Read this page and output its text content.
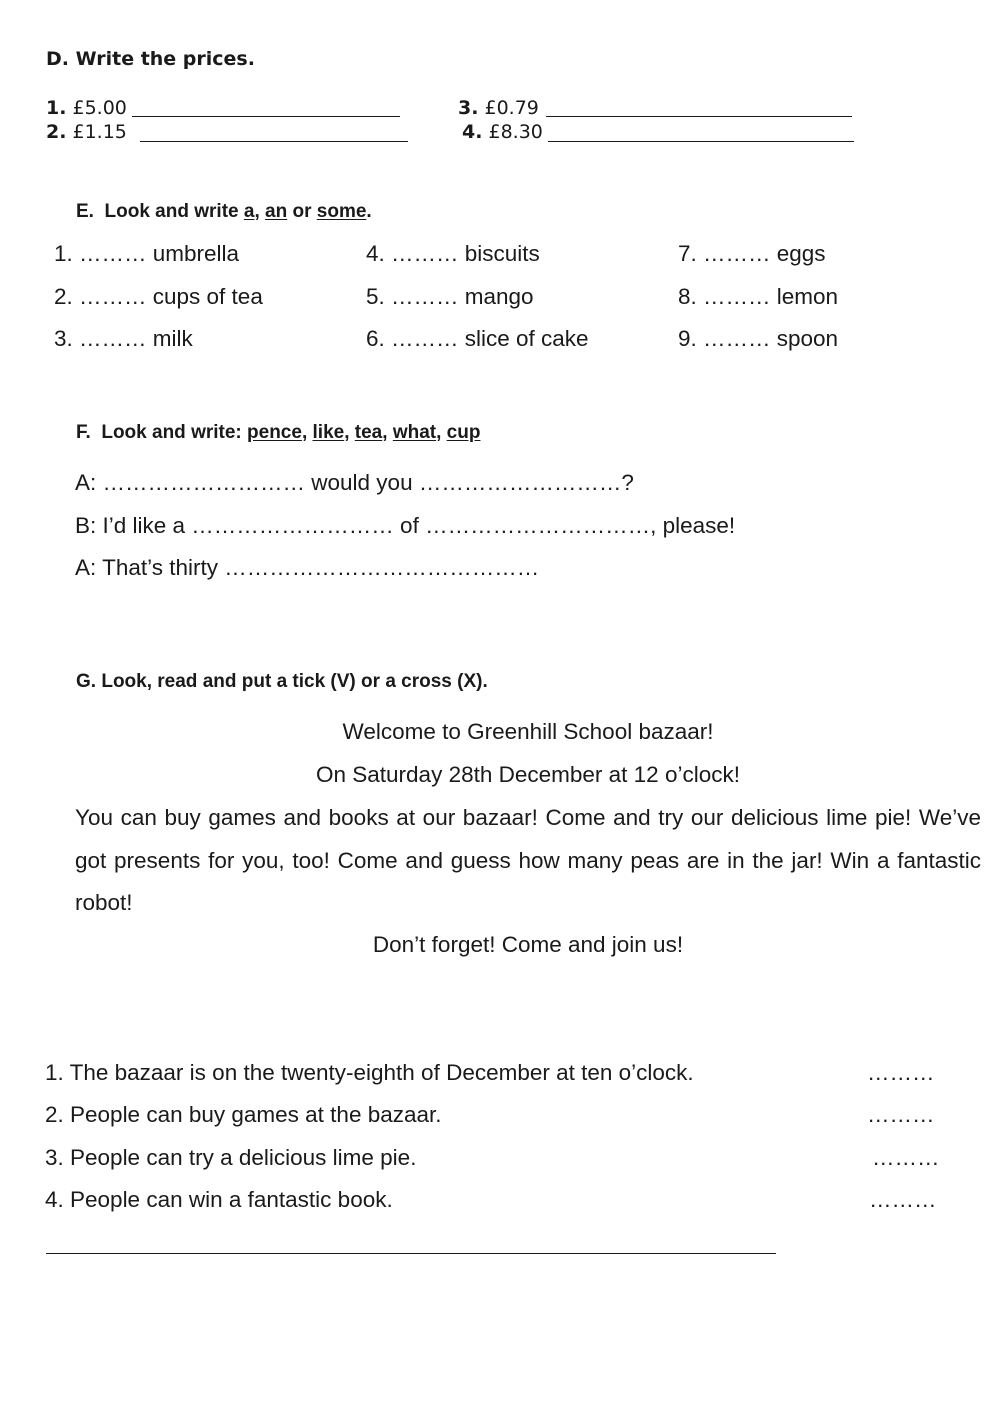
D. Write the prices.
1. £5.00
2. £1.15
3. £0.79
4. £8.30
E. Look and write a, an or some.
1. ……… umbrella
2. ……… cups of tea
3. ……… milk
4. ……… biscuits
5. ……… mango
6. ……… slice of cake
7. ……… eggs
8. ……… lemon
9. ……… spoon
F. Look and write: pence, like, tea, what, cup
A: ……………………… would you ………………………?
B: I’d like a ……………………… of …………………………, please!
A: That’s thirty ……………………………………
G. Look, read and put a tick (V) or a cross (X).
Welcome to Greenhill School bazaar!
On Saturday 28th December at 12 o’clock!
You can buy games and books at our bazaar! Come and try our delicious lime pie! We’ve got presents for you, too! Come and guess how many peas are in the jar! Win a fantastic robot!
Don’t forget! Come and join us!
1. The bazaar is on the twenty-eighth of December at ten o’clock.	………
2. People can buy games at the bazaar.	………
3. People can try a delicious lime pie.	………
4. People can win a fantastic book.	………
